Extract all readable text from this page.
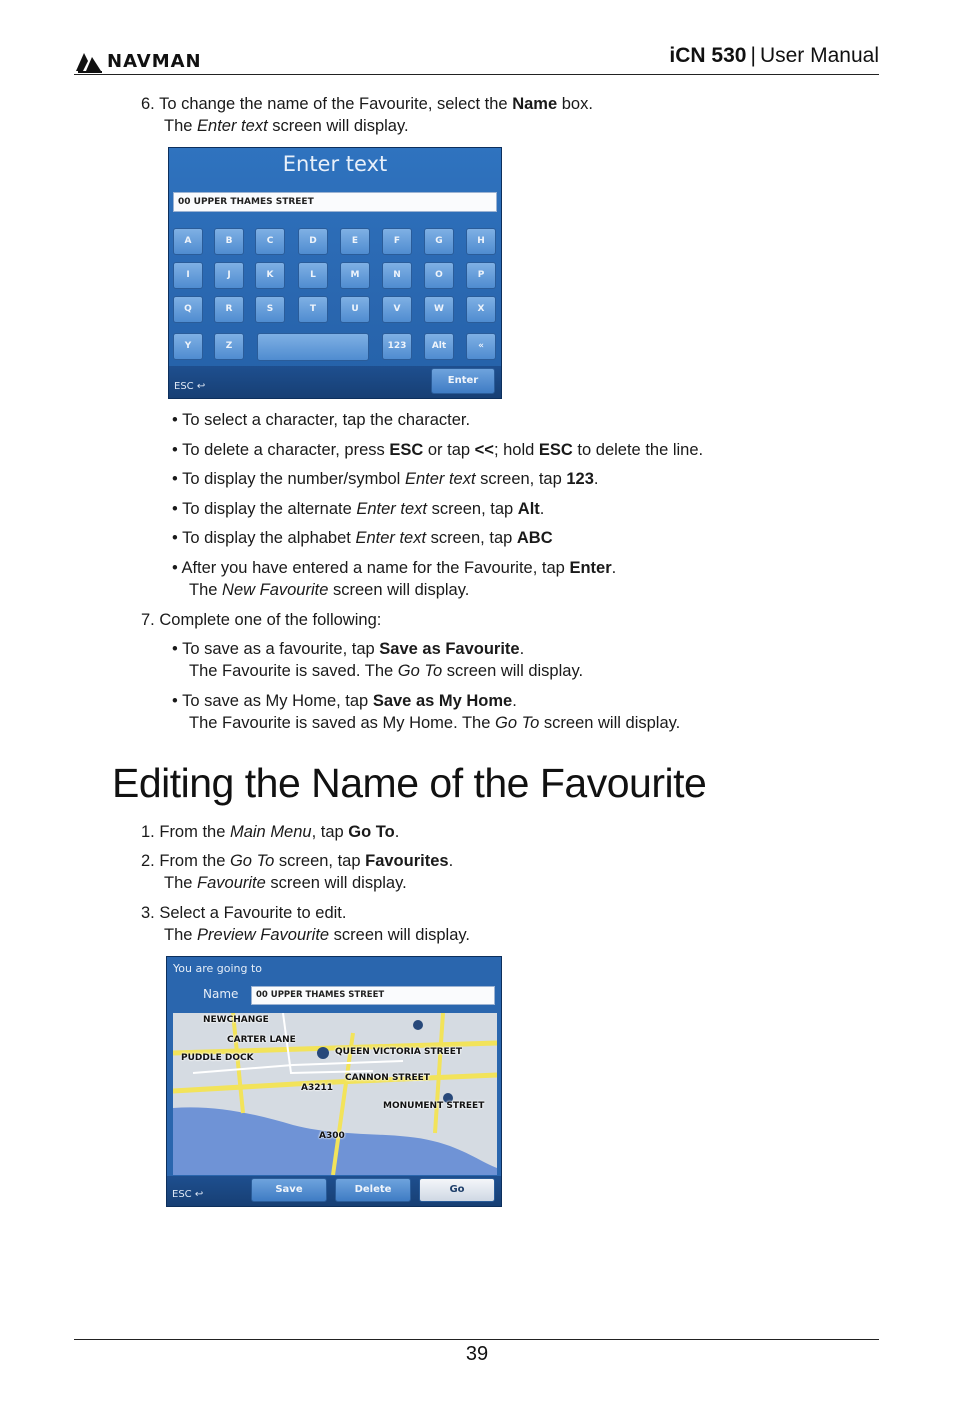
NAVMAN	iCN 530 | User Manual
6. To change the name of the Favourite, select the Name box.
The Enter text screen will display.
Enter text
00 UPPER THAMES STREET
A	B	C	D	E	F	G	H
I	J	K	L	M	N	O	P
Q	R	S	T	U	V	W	X
Y	Z	123	Alt	«
ESC ↩
Enter
• To select a character, tap the character.
• To delete a character, press ESC or tap <<; hold ESC to delete the line.
• To display the number/symbol Enter text screen, tap 123.
• To display the alternate Enter text screen, tap Alt.
• To display the alphabet Enter text screen, tap ABC
• After you have entered a name for the Favourite, tap Enter.
The New Favourite screen will display.
7. Complete one of the following:
• To save as a favourite, tap Save as Favourite.
The Favourite is saved. The Go To screen will display.
• To save as My Home, tap Save as My Home.
The Favourite is saved as My Home. The Go To screen will display.
Editing the Name of the Favourite
1. From the Main Menu, tap Go To.
2. From the Go To screen, tap Favourites.
The Favourite screen will display.
3. Select a Favourite to edit.
The Preview Favourite screen will display.
You are going to
Name	00 UPPER THAMES STREET
NEWCHANGE
CARTER LANE
PUDDLE DOCK
QUEEN VICTORIA STREET
CANNON STREET
A3211
MONUMENT STREET
A300
ESC ↩	Save	Delete	Go
39
